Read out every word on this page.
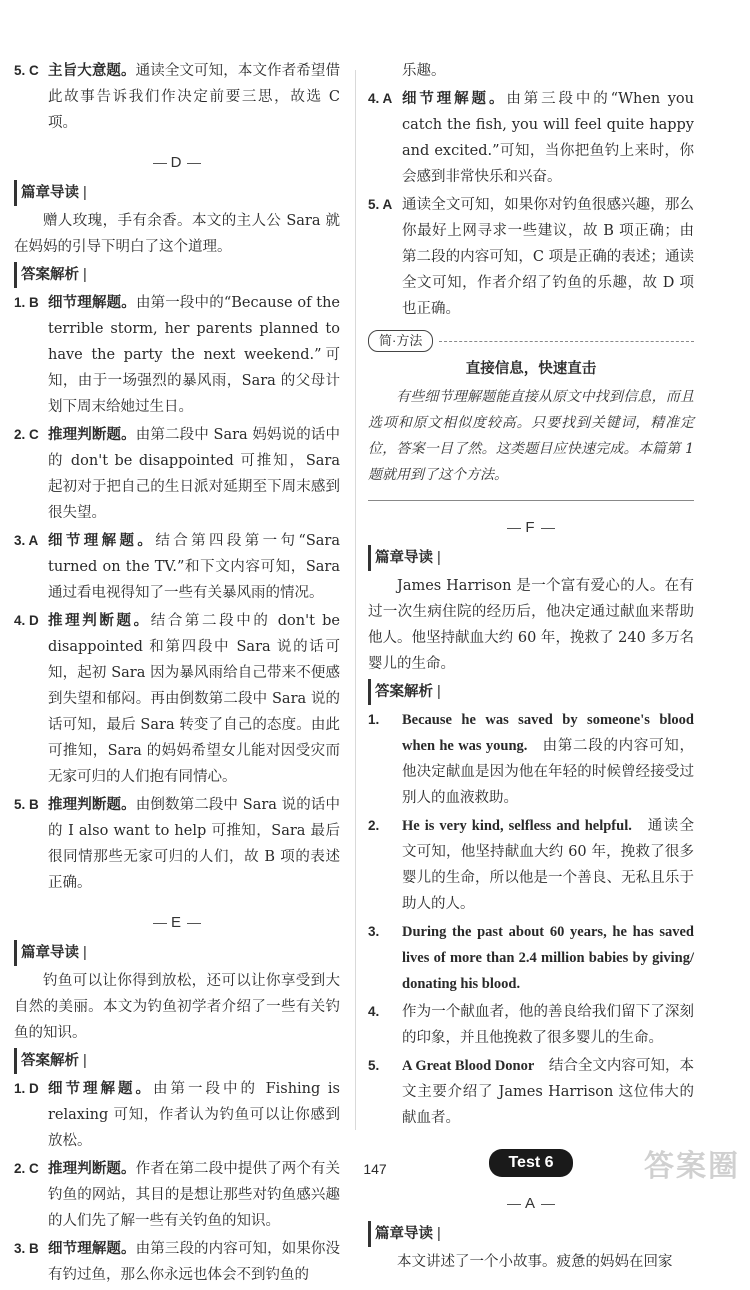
5. C 主旨大意题。通读全文可知，本文作者希望借此故事告诉我们作决定前要三思，故选 C 项。
D
篇章导读 |
赠人玫瑰，手有余香。本文的主人公 Sara 就在妈妈的引导下明白了这个道理。
答案解析 |
1. B 细节理解题。由第一段中的“Because of the terrible storm, her parents planned to have the party the next weekend.”可知，由于一场强烈的暴风雨，Sara 的父母计划下周末给她过生日。
2. C 推理判断题。由第二段中 Sara 妈妈说的话中的 don't be disappointed 可推知，Sara 起初对于把自己的生日派对延期至下周末感到很失望。
3. A 细节理解题。结合第四段第一句“Sara turned on the TV.”和下文内容可知，Sara 通过看电视得知了一些有关暴风雨的情况。
4. D 推理判断题。结合第二段中的 don't be disappointed 和第四段中 Sara 说的话可知，起初 Sara 因为暴风雨给自己带来不便感到失望和郁闷。再由倒数第二段中 Sara 说的话可知，最后 Sara 转变了自己的态度。由此可推知，Sara 的妈妈希望女儿能对因受灾而无家可归的人们抱有同情心。
5. B 推理判断题。由倒数第二段中 Sara 说的话中的 I also want to help 可推知，Sara 最后很同情那些无家可归的人们，故 B 项的表述正确。
E
篇章导读 |
钓鱼可以让你得到放松，还可以让你享受到大自然的美丽。本文为钓鱼初学者介绍了一些有关钓鱼的知识。
答案解析 |
1. D 细节理解题。由第一段中的 Fishing is relaxing 可知，作者认为钓鱼可以让你感到放松。
2. C 推理判断题。作者在第二段中提供了两个有关钓鱼的网站，其目的是想让那些对钓鱼感兴趣的人们先了解一些有关钓鱼的知识。
3. B 细节理解题。由第三段的内容可知，如果你没有钓过鱼，那么你永远也体会不到钓鱼的
乐趣。
4. A 细节理解题。由第三段中的“When you catch the fish, you will feel quite happy and excited.”可知，当你把鱼钓上来时，你会感到非常快乐和兴奋。
5. A 通读全文可知，如果你对钓鱼很感兴趣，那么你最好上网寻求一些建议，故 B 项正确；由第二段的内容可知，C 项是正确的表述；通读全文可知，作者介绍了钓鱼的乐趣，故 D 项也正确。
简·方法
直接信息，快速直击
有些细节理解题能直接从原文中找到信息，而且选项和原文相似度较高。只要找到关键词，精准定位，答案一目了然。这类题目应快速完成。本篇第 1 题就用到了这个方法。
F
篇章导读 |
James Harrison 是一个富有爱心的人。在有过一次生病住院的经历后，他决定通过献血来帮助他人。他坚持献血大约 60 年，挽救了 240 多万名婴儿的生命。
答案解析 |
1.	Because he was saved by someone's blood when he was young.  由第二段的内容可知，他决定献血是因为他在年轻的时候曾经接受过别人的血液救助。
2.	He is very kind, selfless and helpful.  通读全文可知，他坚持献血大约 60 年，挽救了很多婴儿的生命，所以他是一个善良、无私且乐于助人的人。
3.	During the past about 60 years, he has saved lives of more than 2.4 million babies by giving/ donating his blood. 
4.	作为一个献血者，他的善良给我们留下了深刻的印象，并且他挽救了很多婴儿的生命。
5.	A Great Blood Donor  结合全文内容可知，本文主要介绍了 James Harrison 这位伟大的献血者。
Test 6
A
篇章导读 |
本文讲述了一个小故事。疲惫的妈妈在回家
147	答案圈
